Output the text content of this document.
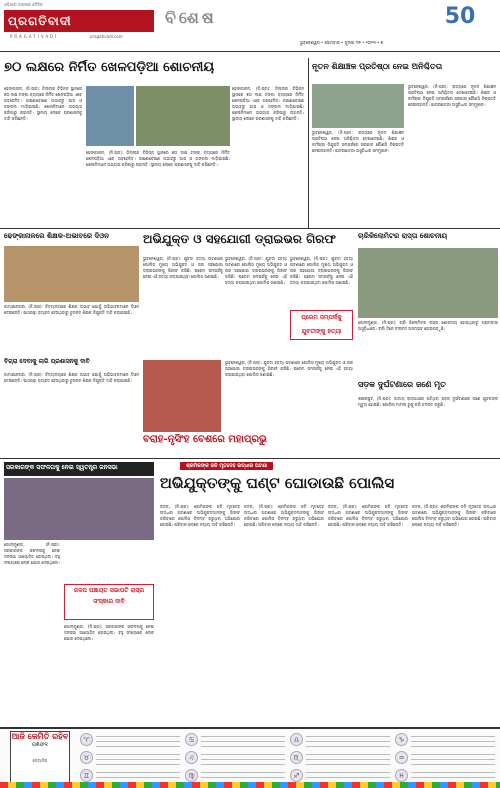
ଓଡ଼ିଶାର ଅଗ୍ରଣୀ ଦୈନିକ
ପ୍ରଗତିବାଦୀ
PRAGATIVADI	pragativadi.com
ବିଶେଷ	50
ଭୁବନେଶ୍ୱର • ସୋମବାର • ଜୁଲାଇ ୩୧ • ୨୦୨୩ • ୭
୭୦ ଲକ୍ଷରେ ନିର୍ମିତ ଖେଳପଡ଼ିଆ ଶୋଚନୀୟ	ନୂତନ ଶିକ୍ଷାଞ୍ଚଳ ପ୍ରତିଷ୍ଠା ନେଇ ଅନିଶ୍ଚିତତା
ଢେଙ୍କାନାଳ, (ନି.ପ୍ର): ଜିଲ୍ଲାର ବିଭିନ୍ନ ସ୍ଥାନରେ ୭୦ ଲକ୍ଷ ଟଙ୍କା ବ୍ୟୟରେ ନିର୍ମିତ ଖେଳପଡ଼ିଆ ଏବେ ଅବହେଳିତ। ରକ୍ଷଣାବେକ୍ଷଣ ଅଭାବରୁ ଘାସ ଓ ଜଙ୍ଗଲ ମାଡ଼ିଯାଇଛି। ଖେଳାଳିମାନେ ଅଭ୍ୟାସ କରିପାରୁ ନାହାନ୍ତି। ସ୍ଥାନୀୟ ଲୋକେ ପ୍ରଶାସନକୁ ଦାବି କରିଛନ୍ତି।
ଢେଙ୍କାନାଳ, (ନି.ପ୍ର): ଜିଲ୍ଲାର ବିଭିନ୍ନ ସ୍ଥାନରେ ୭୦ ଲକ୍ଷ ଟଙ୍କା ବ୍ୟୟରେ ନିର୍ମିତ ଖେଳପଡ଼ିଆ ଏବେ ଅବହେଳିତ। ରକ୍ଷଣାବେକ୍ଷଣ ଅଭାବରୁ ଘାସ ଓ ଜଙ୍ଗଲ ମାଡ଼ିଯାଇଛି। ଖେଳାଳିମାନେ ଅଭ୍ୟାସ କରିପାରୁ ନାହାନ୍ତି। ସ୍ଥାନୀୟ ଲୋକେ ପ୍ରଶାସନକୁ ଦାବି କରିଛନ୍ତି।
ଢେଙ୍କାନାଳ, (ନି.ପ୍ର): ଜିଲ୍ଲାର ବିଭିନ୍ନ ସ୍ଥାନରେ ୭୦ ଲକ୍ଷ ଟଙ୍କା ବ୍ୟୟରେ ନିର୍ମିତ ଖେଳପଡ଼ିଆ ଏବେ ଅବହେଳିତ। ରକ୍ଷଣାବେକ୍ଷଣ ଅଭାବରୁ ଘାସ ଓ ଜଙ୍ଗଲ ମାଡ଼ିଯାଇଛି। ଖେଳାଳିମାନେ ଅଭ୍ୟାସ କରିପାରୁ ନାହାନ୍ତି। ସ୍ଥାନୀୟ ଲୋକେ ପ୍ରଶାସନକୁ ଦାବି କରିଛନ୍ତି।
ଭୁବନେଶ୍ୱର, (ନି.ପ୍ର): ରାଜ୍ୟରେ ନୂତନ ଶିକ୍ଷାଞ୍ଚଳ ପ୍ରତିଷ୍ଠା ନେଇ ଅନିଶ୍ଚିତତା ଦେଖାଦେଇଛି। ଶିକ୍ଷକ ଓ କର୍ମଚାରୀ ନିଯୁକ୍ତି ସମ୍ପର୍କରେ ସରକାର କୌଣସି ନିଷ୍ପତ୍ତି ନେଇନାହାନ୍ତି। ଛାତ୍ରଛାତ୍ରୀ ଅସୁବିଧାର ସମ୍ମୁଖୀନ।
ଭୁବନେଶ୍ୱର, (ନି.ପ୍ର): ରାଜ୍ୟରେ ନୂତନ ଶିକ୍ଷାଞ୍ଚଳ ପ୍ରତିଷ୍ଠା ନେଇ ଅନିଶ୍ଚିତତା ଦେଖାଦେଇଛି। ଶିକ୍ଷକ ଓ କର୍ମଚାରୀ ନିଯୁକ୍ତି ସମ୍ପର୍କରେ ସରକାର କୌଣସି ନିଷ୍ପତ୍ତି ନେଇନାହାନ୍ତି। ଛାତ୍ରଛାତ୍ରୀ ଅସୁବିଧାର ସମ୍ମୁଖୀନ।
ଢେଙ୍କାନାଳରେ ଶିକ୍ଷକ-ଅଭାବରେ ଦିଓନ
କାମାକ୍ଷାନଗର, (ନି.ପ୍ର): ବିଦ୍ୟାଳୟରେ ଶିକ୍ଷକ ଅଭାବ ଯୋଗୁଁ ଅଭିଭାବକମାନେ ଦିଓନ ଦେଇଛନ୍ତି। ପାଠପଢ଼ା ବ୍ୟାହତ ହେଉଥିବାରୁ ତୁରନ୍ତ ଶିକ୍ଷକ ନିଯୁକ୍ତି ଦାବି କରାଯାଇଛି।
ଅଭିଯୁକ୍ତ ଓ ସହଯୋଗୀ ଡ୍ରାଇଭର ଗିରଫ
ଭୁବନେଶ୍ୱର, (ନି.ପ୍ର): ଯୁବତୀ ହତ୍ୟା ଘଟଣାରେ ପୋଲିସ ମୁଖ୍ୟ ଅଭିଯୁକ୍ତ ଓ ତାର ସହଯୋଗୀ ଡ୍ରାଇଭରଙ୍କୁ ଗିରଫ କରିଛି। ପ୍ରେମ ସମ୍ପର୍କକୁ ନେଇ ଏହି ହତ୍ୟା କରାଯାଇଥିବା ପୋଲିସ ଜଣାଇଛି।
ଭୁବନେଶ୍ୱର, (ନି.ପ୍ର): ଯୁବତୀ ହତ୍ୟା ଘଟଣାରେ ପୋଲିସ ମୁଖ୍ୟ ଅଭିଯୁକ୍ତ ଓ ତାର ସହଯୋଗୀ ଡ୍ରାଇଭରଙ୍କୁ ଗିରଫ କରିଛି। ପ୍ରେମ ସମ୍ପର୍କକୁ ନେଇ ଏହି ହତ୍ୟା କରାଯାଇଥିବା ପୋଲିସ ଜଣାଇଛି।
ଭୁବନେଶ୍ୱର, (ନି.ପ୍ର): ଯୁବତୀ ହତ୍ୟା ଘଟଣାରେ ପୋଲିସ ମୁଖ୍ୟ ଅଭିଯୁକ୍ତ ଓ ତାର ସହଯୋଗୀ ଡ୍ରାଇଭରଙ୍କୁ ଗିରଫ କରିଛି। ପ୍ରେମ ସମ୍ପର୍କକୁ ନେଇ ଏହି ହତ୍ୟା କରାଯାଇଥିବା ପୋଲିସ ଜଣାଇଛି।
ପ୍ରେମ ସମ୍ପର୍କକୁ ଯୁବତୀଙ୍କୁ ହତ୍ୟା
ଚାରିକିଲୋମିଟର ରାସ୍ତା ଶୋଚନୀୟ
ଗୋଲାମୁଣ୍ଡା, (ନି.ପ୍ର): ଚାରି କିଲୋମିଟର ରାସ୍ତା ଶୋଚନୀୟ ହୋଇଥିବାରୁ ଗ୍ରାମବାସୀ ଅସୁବିଧାରେ। ବର୍ଷା ଦିନେ ଚଲାଚଳ ଅସମ୍ଭବ ହୋଇପଡ଼ୁଛି।
ବିଗ୍ରା ଦେବାକୁ ଲାଗି ପ୍ରଶାସନକୁ ଦାବି
କାମାକ୍ଷାନଗର, (ନି.ପ୍ର): ବିଦ୍ୟାଳୟରେ ଶିକ୍ଷକ ଅଭାବ ଯୋଗୁଁ ଅଭିଭାବକମାନେ ଦିଓନ ଦେଇଛନ୍ତି। ପାଠପଢ଼ା ବ୍ୟାହତ ହେଉଥିବାରୁ ତୁରନ୍ତ ଶିକ୍ଷକ ନିଯୁକ୍ତି ଦାବି କରାଯାଇଛି।
ଭୁବନେଶ୍ୱର, (ନି.ପ୍ର): ଯୁବତୀ ହତ୍ୟା ଘଟଣାରେ ପୋଲିସ ମୁଖ୍ୟ ଅଭିଯୁକ୍ତ ଓ ତାର ସହଯୋଗୀ ଡ୍ରାଇଭରଙ୍କୁ ଗିରଫ କରିଛି। ପ୍ରେମ ସମ୍ପର୍କକୁ ନେଇ ଏହି ହତ୍ୟା କରାଯାଇଥିବା ପୋଲିସ ଜଣାଇଛି।
ବରାହ-ନୃସିଂହ ବେଶରେ ମହାପ୍ରଭୁ
ସଡ଼କ ଦୁର୍ଘଟଣାରେ ଜଣେ ମୃତ
ଖଇରପୁଟ, (ନି.ପ୍ର): ଜାତୀୟ ରାଜପଥରେ ଘଟିଥିବା ସଡ଼କ ଦୁର୍ଘଟଣାରେ ଜଣେ ଯୁବକଙ୍କ ମୃତ୍ୟୁ ହୋଇଛି। ପୋଲିସ ମାମଲା ରୁଜୁ କରି ତଦନ୍ତ କରୁଛି।
ସରକାରଙ୍କ ସଫଳତାକୁ ନେଇ ସ୍ୱତନ୍ତ୍ର ଜନସଭା
ଗୋଲାମୁଣ୍ଡା, (ନି.ପ୍ର): ସରକାରଙ୍କ ସଫଳତାକୁ ନେଇ ଜନସଭା ଆୟୋଜିତ ହୋଇଥିଲା। ବହୁ ସଂଖ୍ୟାରେ ଲୋକ ଯୋଗ ଦେଇଥିଲେ।
ଜଳପ ପଞ୍ଚାୟତ ସଭାପତି ରାସ୍ତା ସଂସ୍କାର ଦାବି
ଗୋଲାମୁଣ୍ଡା, (ନି.ପ୍ର): ସରକାରଙ୍କ ସଫଳତାକୁ ନେଇ ଜନସଭା ଆୟୋଜିତ ହୋଇଥିଲା। ବହୁ ସଂଖ୍ୟାରେ ଲୋକ ଯୋଗ ଦେଇଥିଲେ।
ଶ୍ରମିକଙ୍କ ଜଳି ମୃତଦେହ ଉଦ୍ଧାର ଘଟଣା
ଅଭିଯୁକ୍ତଙ୍କୁ ଘଣ୍ଟ ଘୋଡାଉଛି ପୋଲିସ
କଟକ, (ନି.ପ୍ର): ଶ୍ରମିକଙ୍କ ଜଳି ମୃତଦେହ ଉଦ୍ଧାର ଘଟଣାରେ ଅଭିଯୁକ୍ତମାନଙ୍କୁ ଗିରଫ କରିବାରେ ପୋଲିସ ବିଳମ୍ବ କରୁଥିବା ଅଭିଯୋଗ ହୋଇଛି। ପରିବାର ଲୋକେ ନ୍ୟାୟ ଦାବି କରିଛନ୍ତି।
କଟକ, (ନି.ପ୍ର): ଶ୍ରମିକଙ୍କ ଜଳି ମୃତଦେହ ଉଦ୍ଧାର ଘଟଣାରେ ଅଭିଯୁକ୍ତମାନଙ୍କୁ ଗିରଫ କରିବାରେ ପୋଲିସ ବିଳମ୍ବ କରୁଥିବା ଅଭିଯୋଗ ହୋଇଛି। ପରିବାର ଲୋକେ ନ୍ୟାୟ ଦାବି କରିଛନ୍ତି।
କଟକ, (ନି.ପ୍ର): ଶ୍ରମିକଙ୍କ ଜଳି ମୃତଦେହ ଉଦ୍ଧାର ଘଟଣାରେ ଅଭିଯୁକ୍ତମାନଙ୍କୁ ଗିରଫ କରିବାରେ ପୋଲିସ ବିଳମ୍ବ କରୁଥିବା ଅଭିଯୋଗ ହୋଇଛି। ପରିବାର ଲୋକେ ନ୍ୟାୟ ଦାବି କରିଛନ୍ତି।
କଟକ, (ନି.ପ୍ର): ଶ୍ରମିକଙ୍କ ଜଳି ମୃତଦେହ ଉଦ୍ଧାର ଘଟଣାରେ ଅଭିଯୁକ୍ତମାନଙ୍କୁ ଗିରଫ କରିବାରେ ପୋଲିସ ବିଳମ୍ବ କରୁଥିବା ଅଭିଯୋଗ ହୋଇଛି। ପରିବାର ଲୋକେ ନ୍ୟାୟ ଦାବି କରିଛନ୍ତି।
ଆଜି କେମିତି ରହିବ
ରାଶିଫଳ
ଜ୍ୟୋତିଷ
♈
♉
♊
♋
♌
♍
♎
♏
♐
♑
♒
♓
